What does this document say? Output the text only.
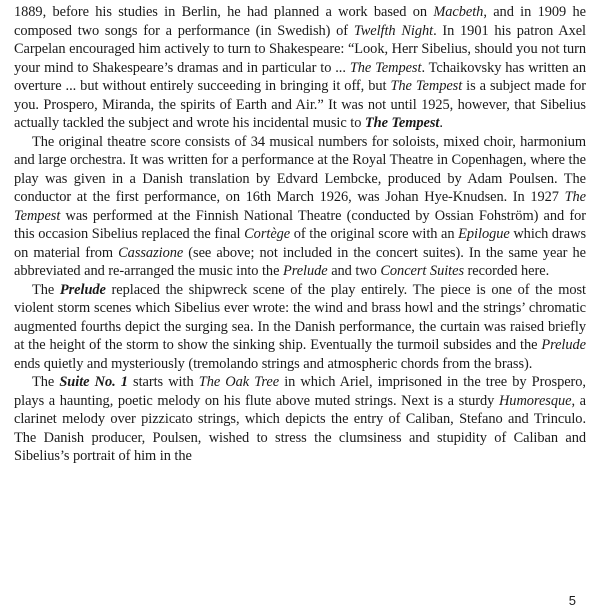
1889, before his studies in Berlin, he had planned a work based on Macbeth, and in 1909 he composed two songs for a performance (in Swedish) of Twelfth Night. In 1901 his patron Axel Carpelan encouraged him actively to turn to Shakespeare: “Look, Herr Sibelius, should you not turn your mind to Shakespeare’s dramas and in particular to ... The Tempest. Tchaikovsky has written an overture ... but without entirely succeeding in bringing it off, but The Tempest is a subject made for you. Prospero, Miranda, the spirits of Earth and Air.” It was not until 1925, however, that Sibelius actually tackled the subject and wrote his incidental music to The Tempest.

The original theatre score consists of 34 musical numbers for soloists, mixed choir, harmonium and large orchestra. It was written for a performance at the Royal Theatre in Copenhagen, where the play was given in a Danish translation by Edvard Lembcke, produced by Adam Poulsen. The conductor at the first performance, on 16th March 1926, was Johan Hye-Knudsen. In 1927 The Tempest was performed at the Finnish National Theatre (conducted by Ossian Fohström) and for this occasion Sibelius replaced the final Cortège of the original score with an Epilogue which draws on material from Cassazione (see above; not included in the concert suites). In the same year he abbreviated and re-arranged the music into the Prelude and two Concert Suites recorded here.

The Prelude replaced the shipwreck scene of the play entirely. The piece is one of the most violent storm scenes which Sibelius ever wrote: the wind and brass howl and the strings’ chromatic augmented fourths depict the surging sea. In the Danish performance, the curtain was raised briefly at the height of the storm to show the sinking ship. Eventually the turmoil subsides and the Prelude ends quietly and mysteriously (tremolando strings and atmospheric chords from the brass).

The Suite No. 1 starts with The Oak Tree in which Ariel, imprisoned in the tree by Prospero, plays a haunting, poetic melody on his flute above muted strings. Next is a sturdy Humoresque, a clarinet melody over pizzicato strings, which depicts the entry of Caliban, Stefano and Trinculo. The Danish producer, Poulsen, wished to stress the clumsiness and stupidity of Caliban and Sibelius’s portrait of him in the

5
